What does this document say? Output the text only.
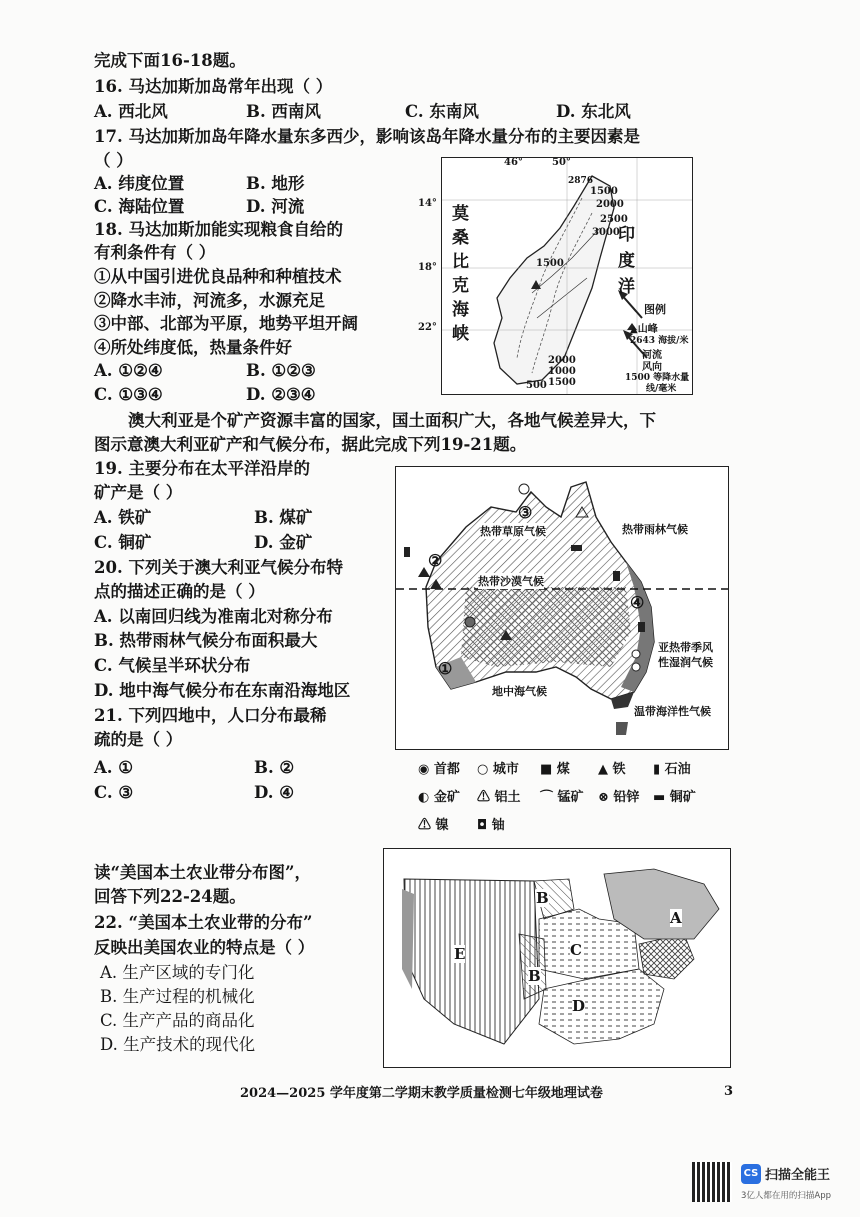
完成下面16-18题。
16. 马达加斯加岛常年出现（ ）
A. 西北风	B. 西南风	C. 东南风	D. 东北风
17. 马达加斯加岛年降水量东多西少，影响该岛年降水量分布的主要因素是
（ ）
A. 纬度位置	B. 地形
C. 海陆位置	D. 河流
18. 马达加斯加能实现粮食自给的
有利条件有（ ）
①从中国引进优良品种和种植技术
②降水丰沛，河流多，水源充足
③中部、北部为平原，地势平坦开阔
④所处纬度低，热量条件好
A. ①②④	B. ①②③
C. ①③④	D. ②③④
46°	50°
莫桑比克海峡
印度洋
2876
1500
2000
2500
3000
1500
2000
1000
1500
500
图例
▲山峰
2643 海拔/米
河流
风向
1500 等降水量
线/毫米
14°
18°
22°
澳大利亚是个矿产资源丰富的国家，国土面积广大，各地气候差异大，下
图示意澳大利亚矿产和气候分布，据此完成下列19-21题。
19. 主要分布在太平洋沿岸的
矿产是（ ）
A. 铁矿	B. 煤矿
C. 铜矿	D. 金矿
20. 下列关于澳大利亚气候分布特
点的描述正确的是（ ）
A. 以南回归线为准南北对称分布
B. 热带雨林气候分布面积最大
C. 气候呈半环状分布
D. 地中海气候分布在东南沿海地区
21. 下列四地中，人口分布最稀
疏的是（ ）
A. ①	B. ②
C. ③	D. ④
②
③
④
①
热带草原气候
热带沙漠气候
热带雨林气候
亚热带季风
性湿润气候
地中海气候
温带海洋性气候
◉ 首都 ○ 城市 ■ 煤 ▲ 铁 ▮ 石油
◐ 金矿 ⚠ 铝土 ⌒ 锰矿 ⊗ 铅锌 ▬ 铜矿
⚠ 镍 ◘ 铀
读“美国本土农业带分布图”，
回答下列22-24题。
22. “美国本土农业带的分布”
反映出美国农业的特点是（ ）
A. 生产区域的专门化
B. 生产过程的机械化
C. 生产产品的商品化
D. 生产技术的现代化
B
A
C
E
B
D
2024—2025 学年度第二学期末教学质量检测七年级地理试卷	3
CS 扫描全能王
3亿人都在用的扫描App
